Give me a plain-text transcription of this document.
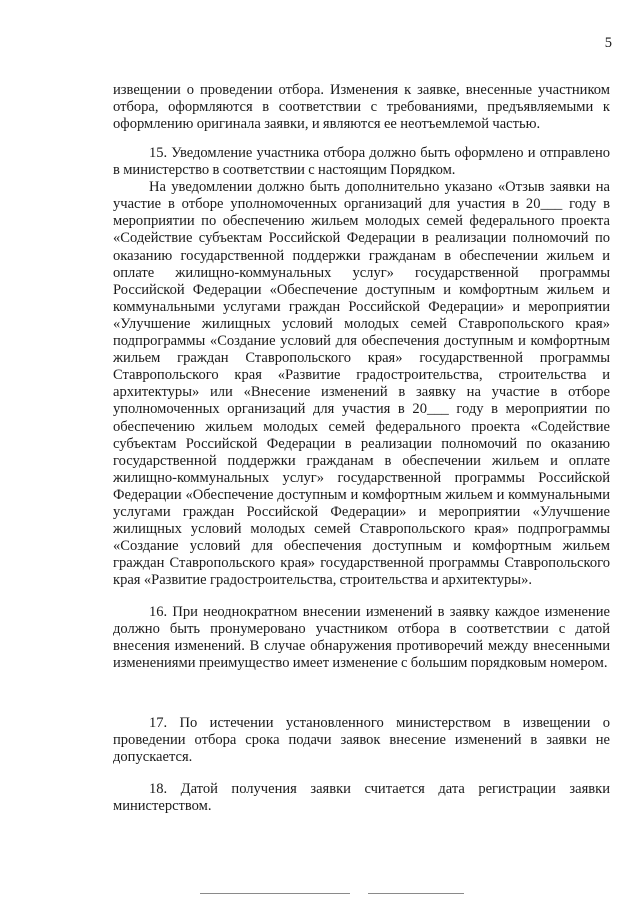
5

извещении о проведении отбора. Изменения к заявке, внесенные участником отбора, оформляются в соответствии с требованиями, предъявляемыми к оформлению оригинала заявки, и являются ее неотъемлемой частью.

15. Уведомление участника отбора должно быть оформлено и отправлено в министерство в соответствии с настоящим Порядком.

На уведомлении должно быть дополнительно указано «Отзыв заявки на участие в отборе уполномоченных организаций для участия в 20___ году в мероприятии по обеспечению жильем молодых семей федерального проекта «Содействие субъектам Российской Федерации в реализации полномочий по оказанию государственной поддержки гражданам в обеспечении жильем и оплате жилищно-коммунальных услуг» государственной программы Российской Федерации «Обеспечение доступным и комфортным жильем и коммунальными услугами граждан Российской Федерации» и мероприятии «Улучшение жилищных условий молодых семей Ставропольского края» подпрограммы «Создание условий для обеспечения доступным и комфортным жильем граждан Ставропольского края» государственной программы Ставропольского края «Развитие градостроительства, строительства и архитектуры» или «Внесение изменений в заявку на участие в отборе уполномоченных организаций для участия в 20___ году в мероприятии по обеспечению жильем молодых семей федерального проекта «Содействие субъектам Российской Федерации в реализации полномочий по оказанию государственной поддержки гражданам в обеспечении жильем и оплате жилищно-коммунальных услуг» государственной программы Российской Федерации «Обеспечение доступным и комфортным жильем и коммунальными услугами граждан Российской Федерации» и мероприятии «Улучшение жилищных условий молодых семей Ставропольского края» подпрограммы «Создание условий для обеспечения доступным и комфортным жильем граждан Ставропольского края» государственной программы Ставропольского края «Развитие градостроительства, строительства и архитектуры».

16. При неоднократном внесении изменений в заявку каждое изменение должно быть пронумеровано участником отбора в соответствии с датой внесения изменений. В случае обнаружения противоречий между внесенными изменениями преимущество имеет изменение с большим порядковым номером.

17. По истечении установленного министерством в извещении о проведении отбора срока подачи заявок внесение изменений в заявки не допускается.

18. Датой получения заявки считается дата регистрации заявки министерством.
